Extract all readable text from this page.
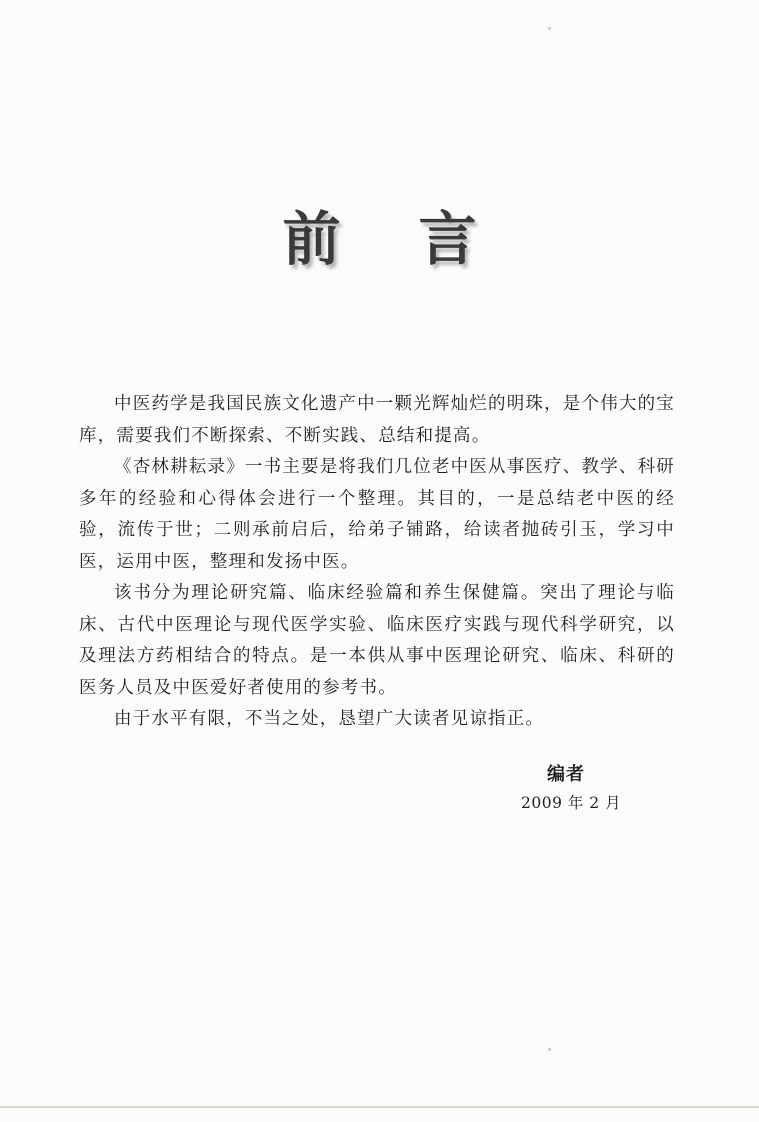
前 言

中医药学是我国民族文化遗产中一颗光辉灿烂的明珠，是个伟大的宝库，需要我们不断探索、不断实践、总结和提高。

《杏林耕耘录》一书主要是将我们几位老中医从事医疗、教学、科研多年的经验和心得体会进行一个整理。其目的，一是总结老中医的经验，流传于世；二则承前启后，给弟子铺路，给读者抛砖引玉，学习中医，运用中医，整理和发扬中医。

该书分为理论研究篇、临床经验篇和养生保健篇。突出了理论与临床、古代中医理论与现代医学实验、临床医疗实践与现代科学研究，以及理法方药相结合的特点。是一本供从事中医理论研究、临床、科研的医务人员及中医爱好者使用的参考书。

由于水平有限，不当之处，恳望广大读者见谅指正。

编者
2009 年 2 月
